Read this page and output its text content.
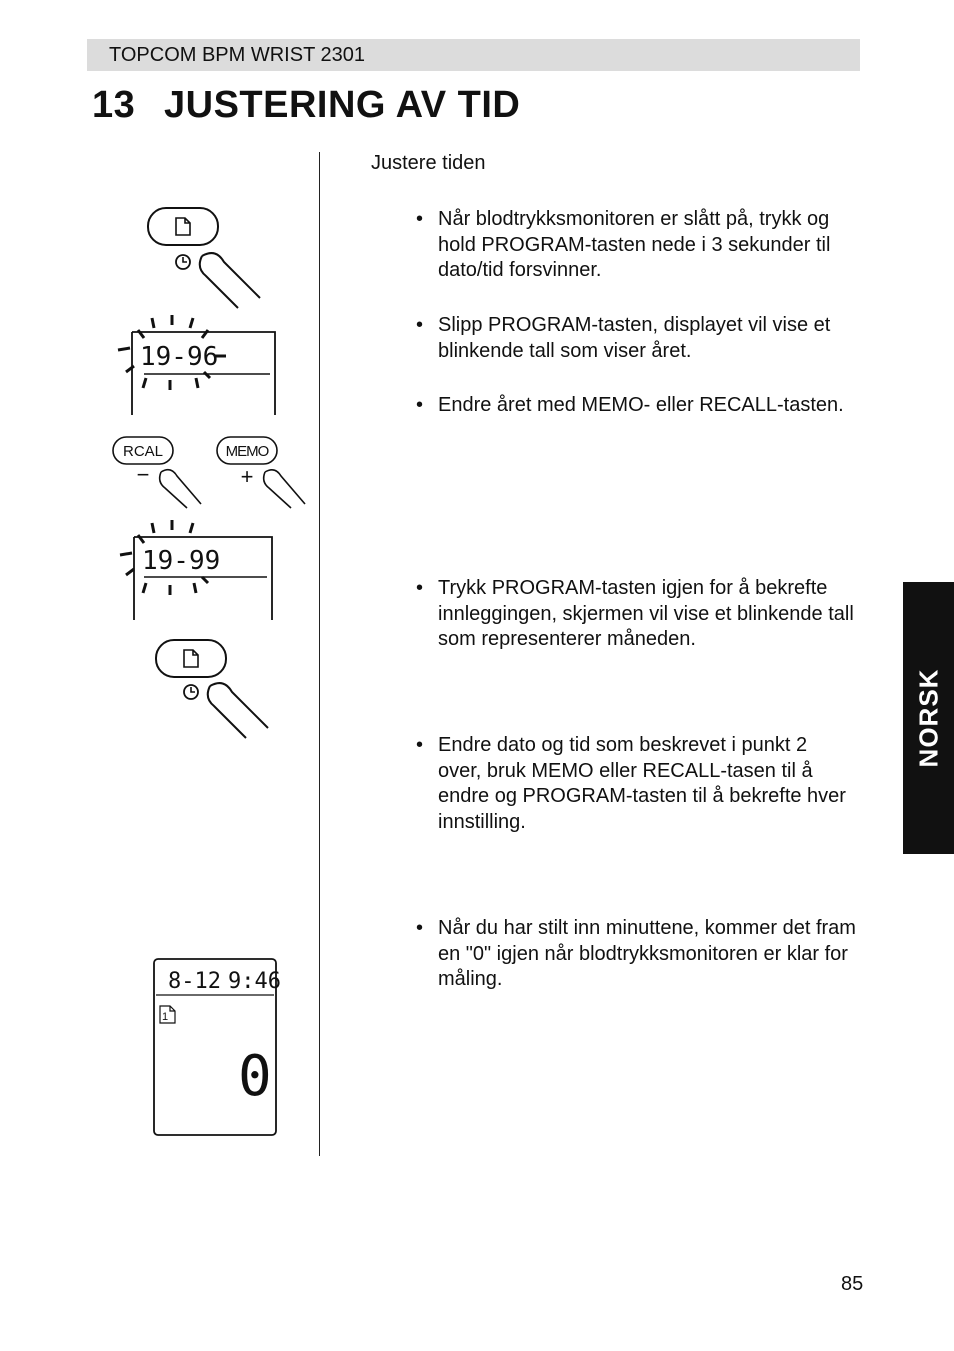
TOPCOM BPM WRIST 2301
13 JUSTERING AV TID
Justere tiden
• Når blodtrykksmonitoren er slått på, trykk og hold PROGRAM-tasten nede i 3 sekunder til dato/tid forsvinner.
• Slipp PROGRAM-tasten, displayet vil vise et blinkende tall som viser året.
• Endre året med MEMO- eller RECALL-tasten.
• Trykk PROGRAM-tasten igjen for å bekrefte innleggingen, skjermen vil vise et blinkende tall som representerer måneden.
• Endre dato og tid som beskrevet i punkt 2 over, bruk MEMO eller RECALL-tasen til å endre og PROGRAM-tasten til å bekrefte hver innstilling.
• Når du har stilt inn minuttene, kommer det fram en "0" igjen når blodtrykksmonitoren er klar for måling.
NORSK
85
19-96
RCAL	MEMO
−	+
19-99
8-12 9:46
1
0
